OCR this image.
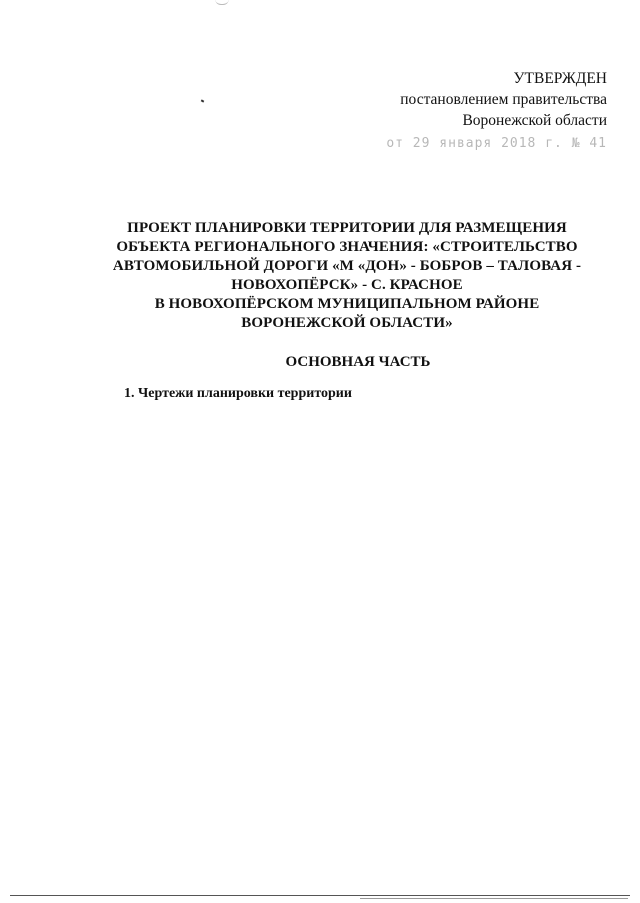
УТВЕРЖДЕН
постановлением правительства
Воронежской области
от 29 января 2018 г. № 41
ПРОЕКТ ПЛАНИРОВКИ ТЕРРИТОРИИ ДЛЯ РАЗМЕЩЕНИЯ
ОБЪЕКТА РЕГИОНАЛЬНОГО ЗНАЧЕНИЯ: «СТРОИТЕЛЬСТВО
АВТОМОБИЛЬНОЙ ДОРОГИ «М «ДОН» - БОБРОВ – ТАЛОВАЯ -
НОВОХОПЁРСК» - С. КРАСНОЕ
В НОВОХОПЁРСКОМ МУНИЦИПАЛЬНОМ РАЙОНЕ
ВОРОНЕЖСКОЙ ОБЛАСТИ»
ОСНОВНАЯ ЧАСТЬ
1. Чертежи планировки территории
